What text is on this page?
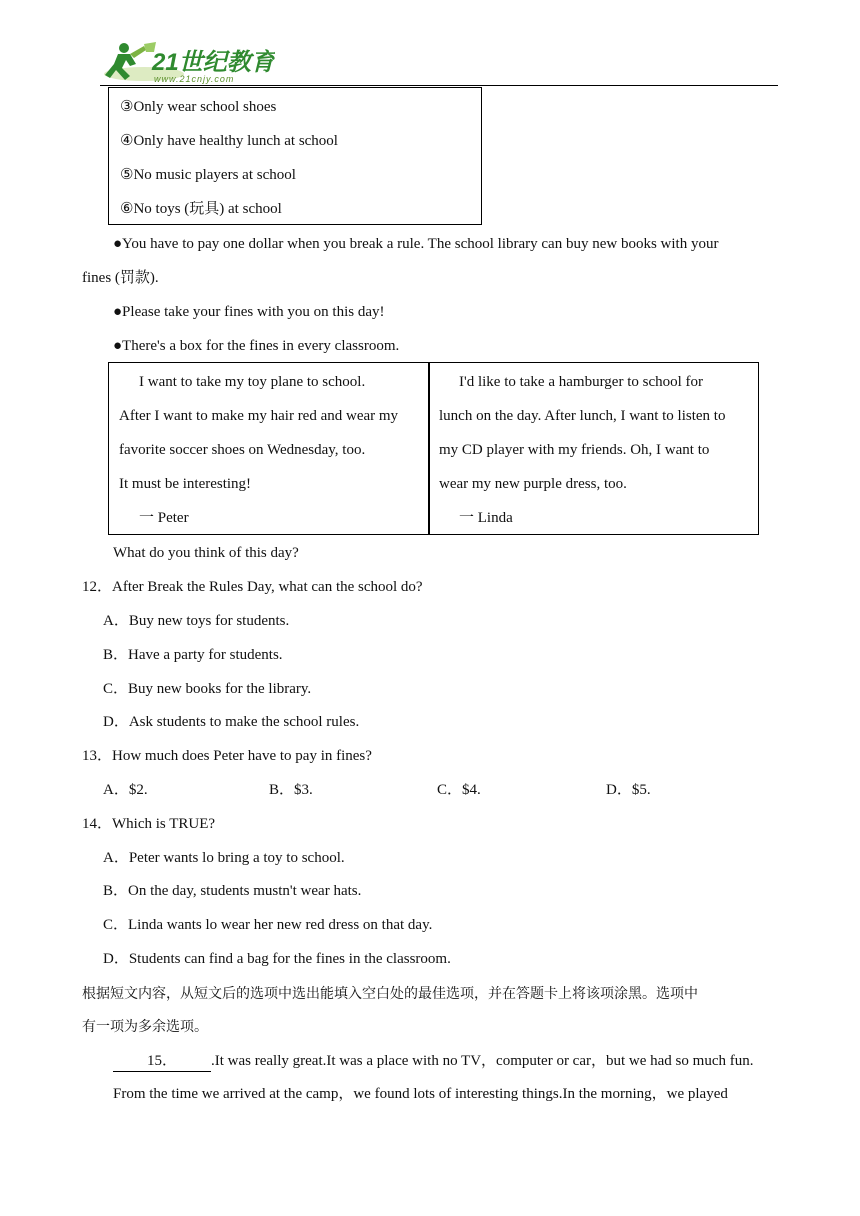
21世纪教育
www.21cnjy.com
③Only wear school shoes
④Only have healthy lunch at school
⑤No music players at school
⑥No toys (玩具) at school
●You have to pay one dollar when you break a rule. The school library can buy new books with your
fines (罚款).
●Please take your fines with you on this day!
●There's a box for the fines in every classroom.
I want to take my toy plane to school.
After I want to make my hair red and wear my
favorite soccer shoes on Wednesday, too.
It must be interesting!
一 Peter
I'd like to take a hamburger to school for
lunch on the day. After lunch, I want to listen to
my CD player with my friends. Oh, I want to
wear my new purple dress, too.
一 Linda
What do you think of this day?
12．After Break the Rules Day, what can the school do?
A．Buy new toys for students.
B．Have a party for students.
C．Buy new books for the library.
D．Ask students to make the school rules.
13．How much does Peter have to pay in fines?
A．$2.	B．$3.	C．$4.	D．$5.
14．Which is TRUE?
A．Peter wants lo bring a toy to school.
B．On the day, students mustn't wear hats.
C．Linda wants lo wear her new red dress on that day.
D．Students can find a bag for the fines in the classroom.
根据短文内容，从短文后的选项中选出能填入空白处的最佳选项，并在答题卡上将该项涂黑。选项中
有一项为多余选项。
15． .It was really great.It was a place with no TV，computer or car，but we had so much fun.
From the time we arrived at the camp，we found lots of interesting things.In the morning，we played
